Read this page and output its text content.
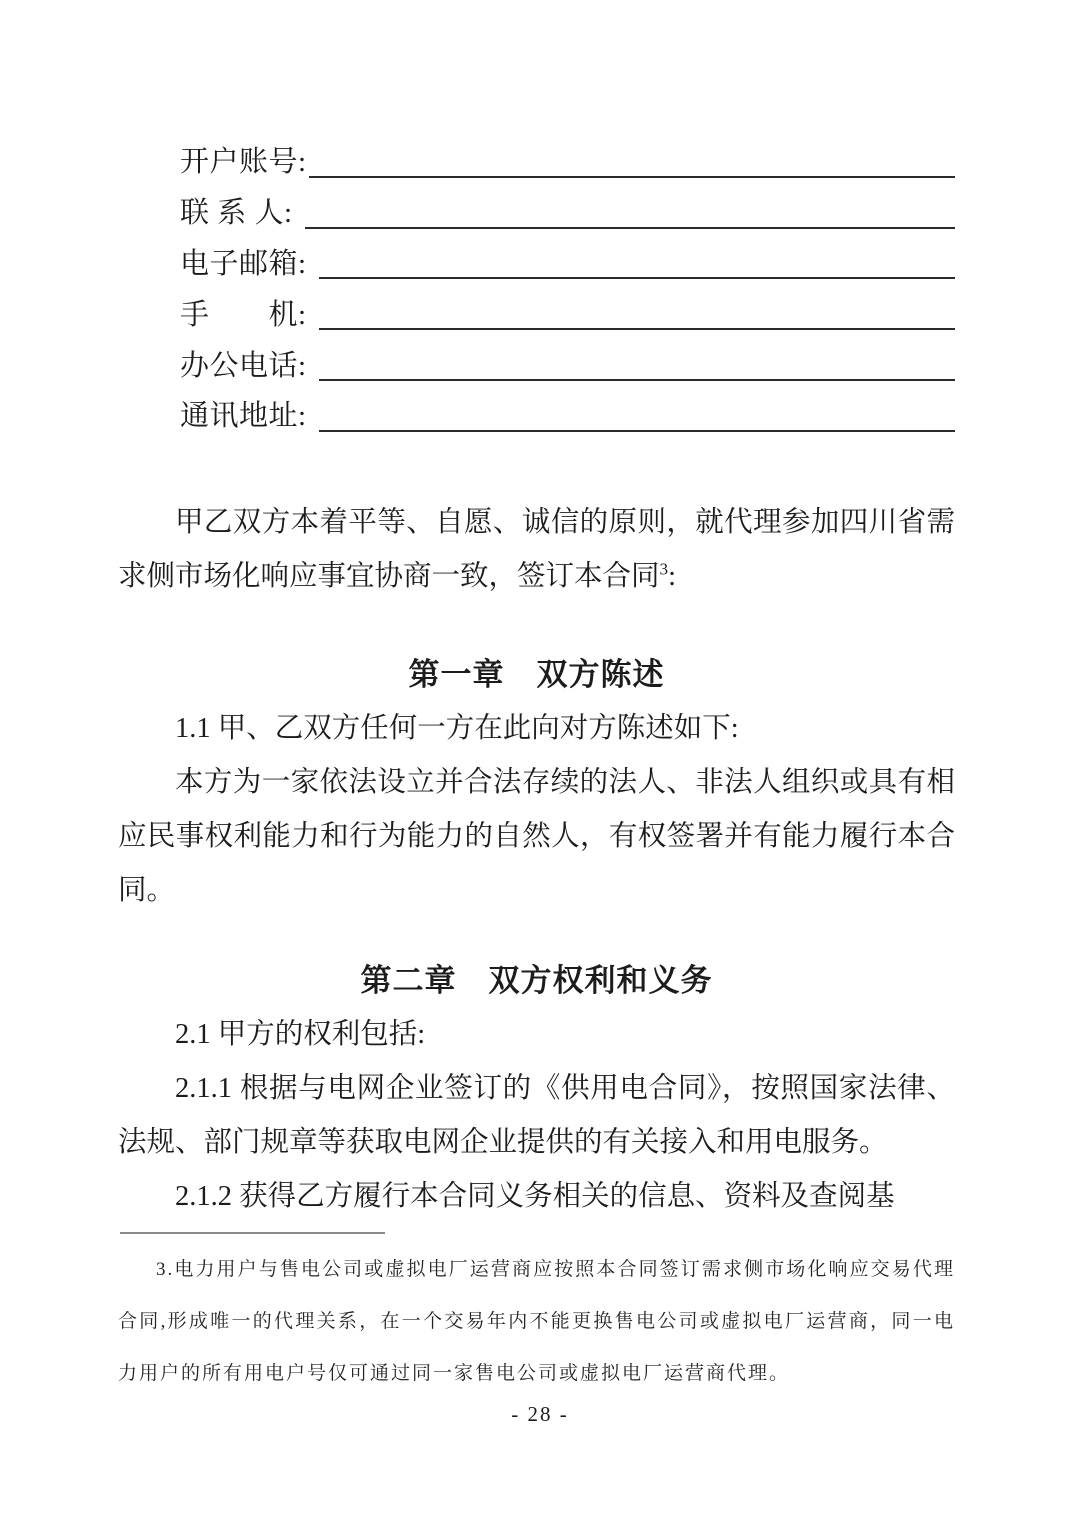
开户账号:
联 系 人:
电子邮箱:
手　　机:
办公电话:
通讯地址:

甲乙双方本着平等、自愿、诚信的原则，就代理参加四川省需求侧市场化响应事宜协商一致，签订本合同$^3$:

第一章　双方陈述

1.1 甲、乙双方任何一方在此向对方陈述如下:

本方为一家依法设立并合法存续的法人、非法人组织或具有相应民事权利能力和行为能力的自然人，有权签署并有能力履行本合同。

第二章　双方权利和义务

2.1 甲方的权利包括:

2.1.1 根据与电网企业签订的《供用电合同》，按照国家法律、法规、部门规章等获取电网企业提供的有关接入和用电服务。

2.1.2 获得乙方履行本合同义务相关的信息、资料及查阅基

3.电力用户与售电公司或虚拟电厂运营商应按照本合同签订需求侧市场化响应交易代理合同,形成唯一的代理关系，在一个交易年内不能更换售电公司或虚拟电厂运营商，同一电力用户的所有用电户号仅可通过同一家售电公司或虚拟电厂运营商代理。

- 28 -
